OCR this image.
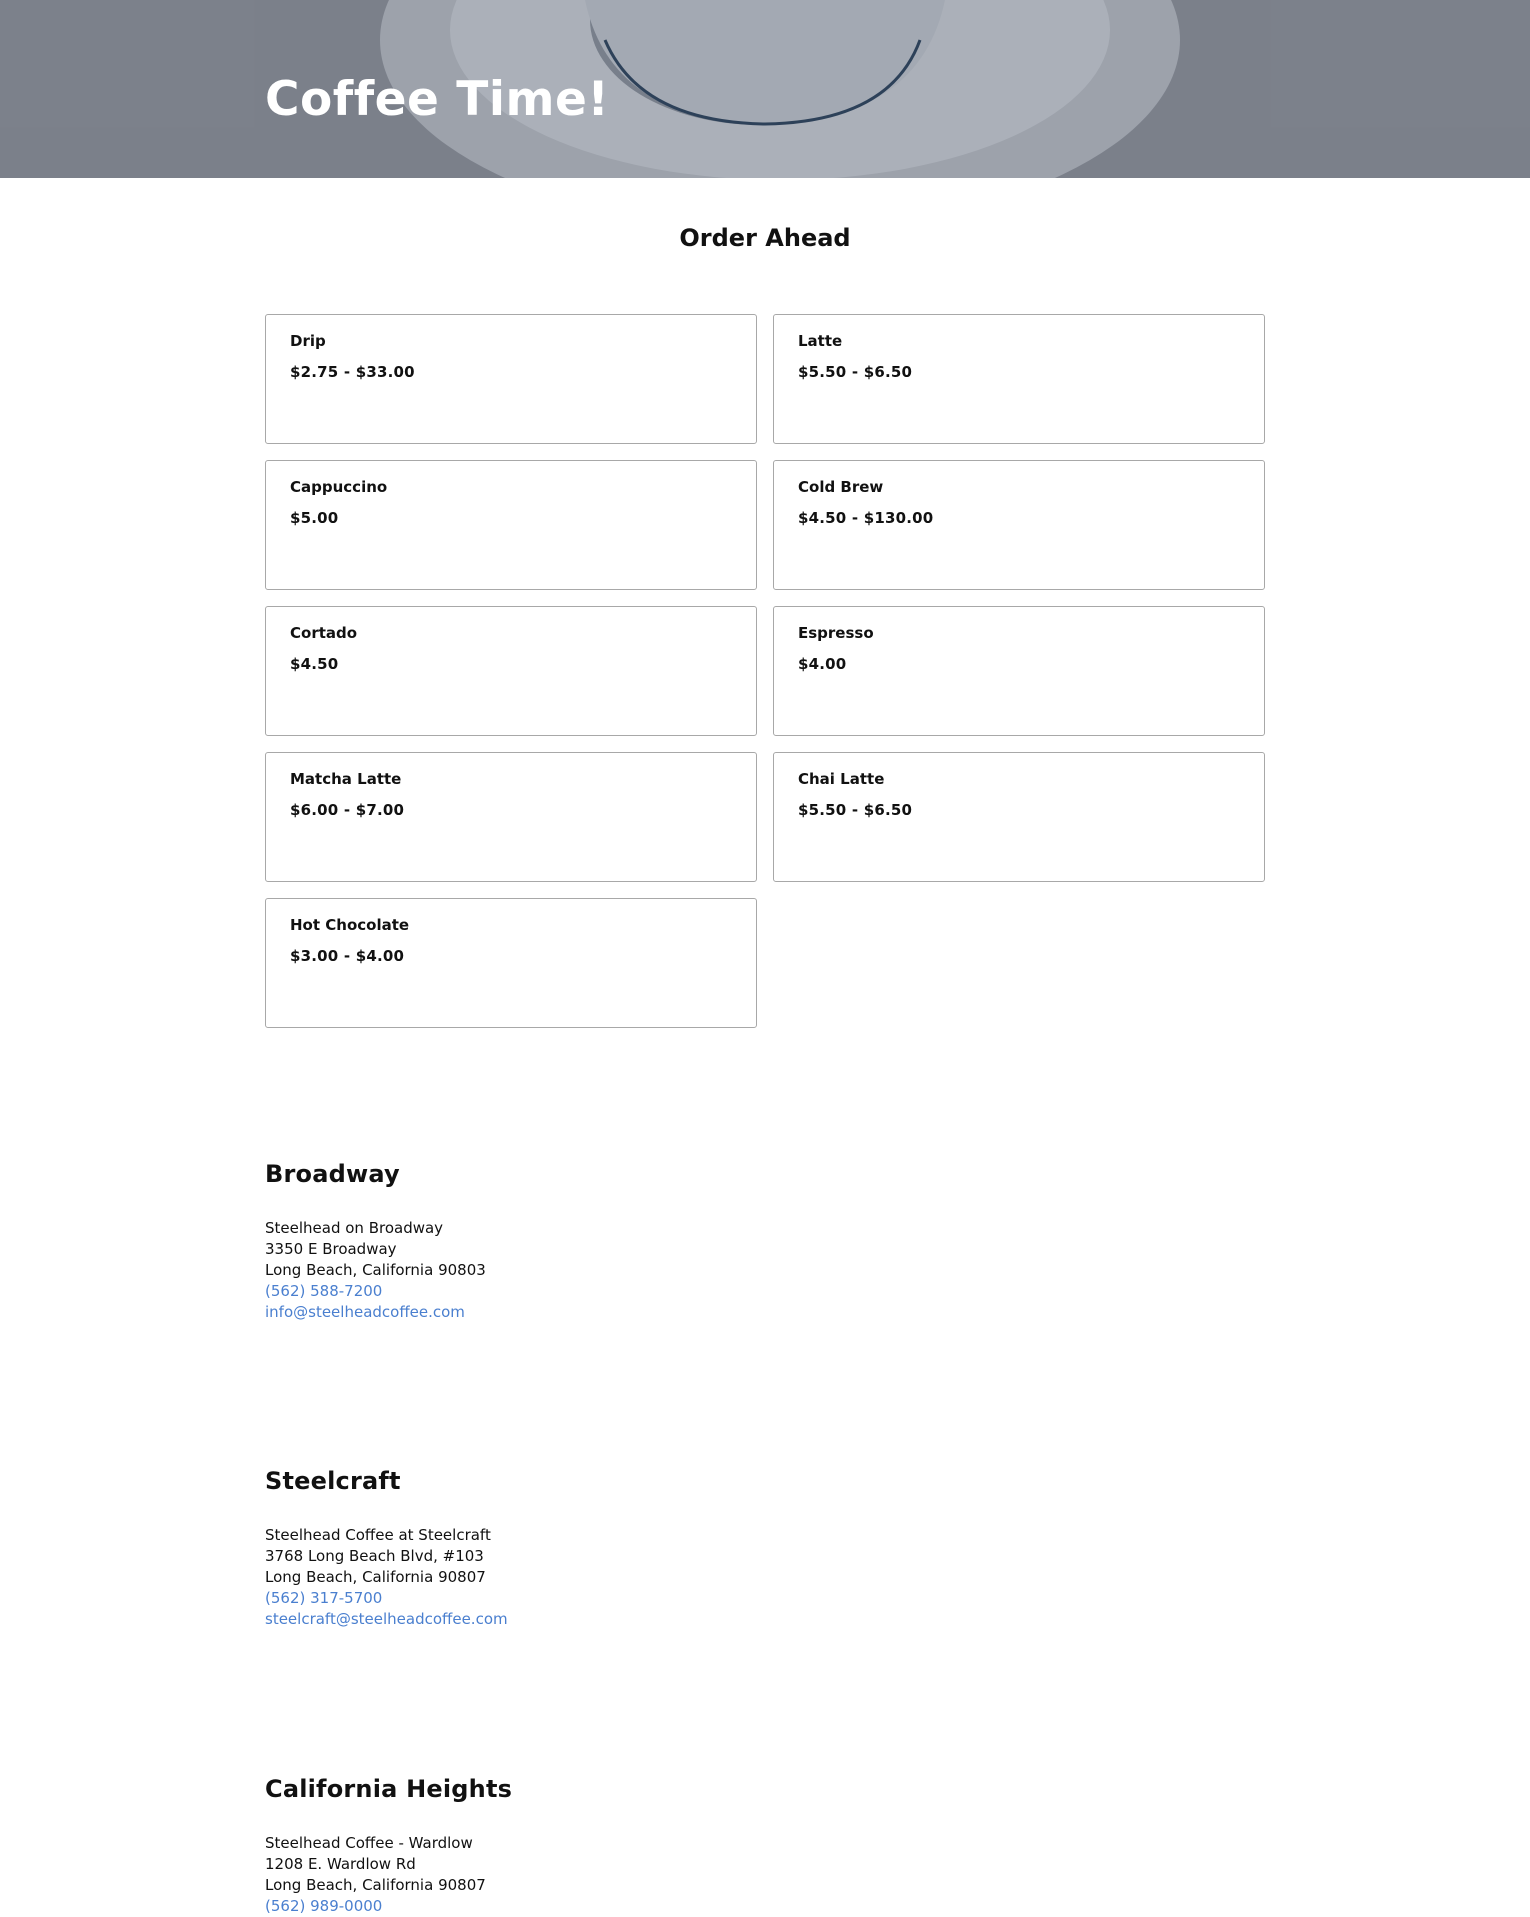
Coffee Time!
Order Ahead

Drip

$2.75 - $33.00

Latte

$5.50 - $6.50

Cappuccino

$5.00

Cold Brew

$4.50 - $130.00

Cortado

$4.50

Espresso

$4.00

Matcha Latte

$6.00 - $7.00

Chai Latte

$5.50 - $6.50

Hot Chocolate

$3.00 - $4.00

Broadway

Steelhead on Broadway

3350 E Broadway

Long Beach, California 90803

(562) 588-7200
info@steelheadcoffee.com
Steelcraft

Steelhead Coffee at Steelcraft

3768 Long Beach Blvd, #103

Long Beach, California 90807

(562) 317-5700
steelcraft@steelheadcoffee.com
California Heights

Steelhead Coffee - Wardlow

1208 E. Wardlow Rd

Long Beach, California 90807

(562) 989-0000
